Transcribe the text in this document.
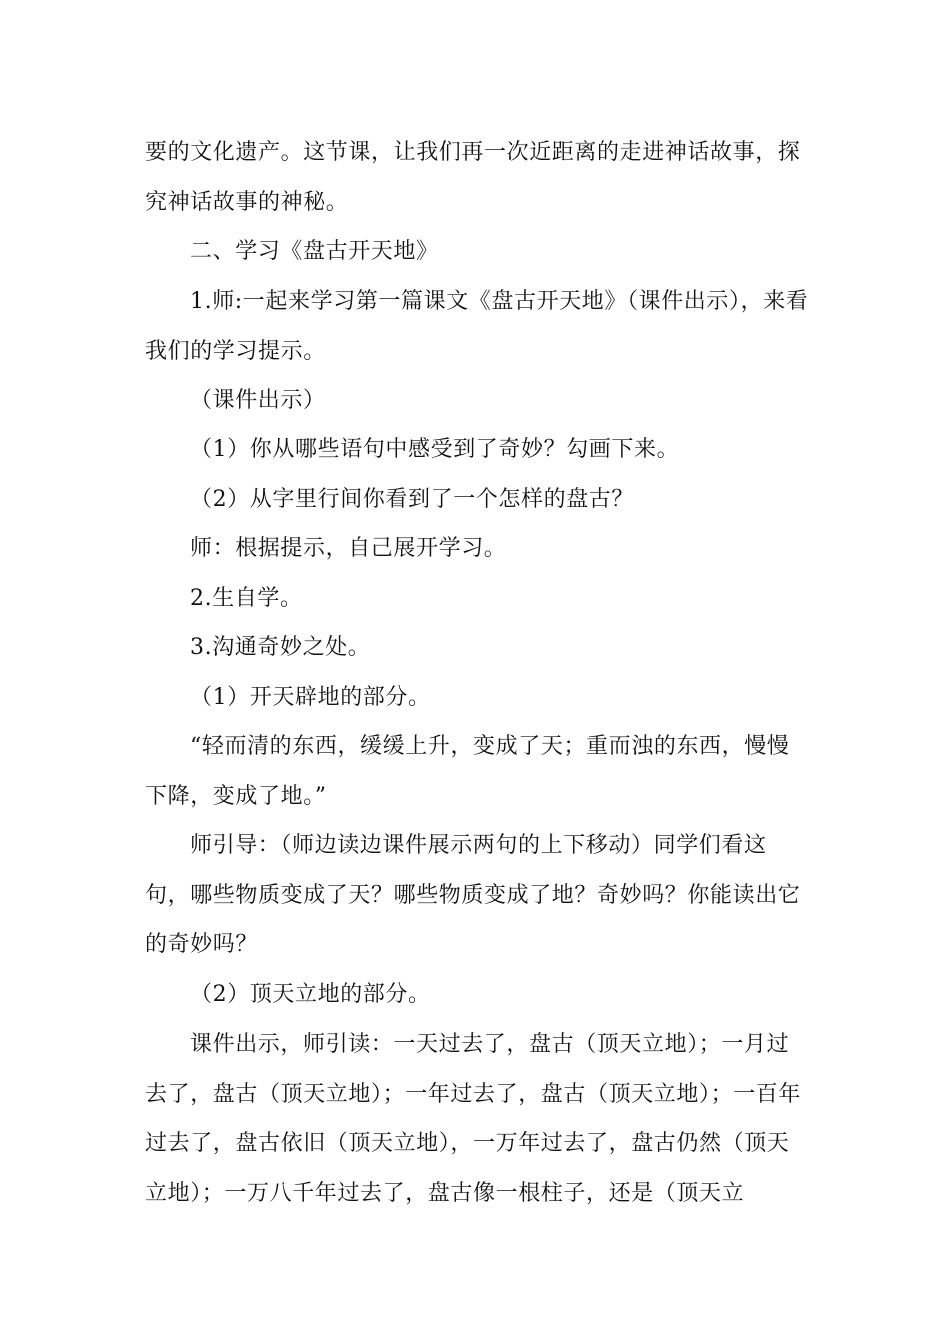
要的文化遗产。这节课，让我们再一次近距离的走进神话故事，探究神话故事的神秘。

二、学习《盘古开天地》

1.师:一起来学习第一篇课文《盘古开天地》（课件出示），来看我们的学习提示。

（课件出示）

（1）你从哪些语句中感受到了奇妙？勾画下来。

（2）从字里行间你看到了一个怎样的盘古？

师：根据提示，自己展开学习。

2.生自学。

3.沟通奇妙之处。

（1）开天辟地的部分。

“轻而清的东西，缓缓上升，变成了天；重而浊的东西，慢慢下降，变成了地。”

师引导：（师边读边课件展示两句的上下移动）同学们看这句，哪些物质变成了天？哪些物质变成了地？奇妙吗？你能读出它的奇妙吗？

（2）顶天立地的部分。

课件出示，师引读：一天过去了，盘古（顶天立地）；一月过去了，盘古（顶天立地）；一年过去了，盘古（顶天立地）；一百年过去了，盘古依旧（顶天立地），一万年过去了，盘古仍然（顶天立地）；一万八千年过去了，盘古像一根柱子，还是（顶天立
